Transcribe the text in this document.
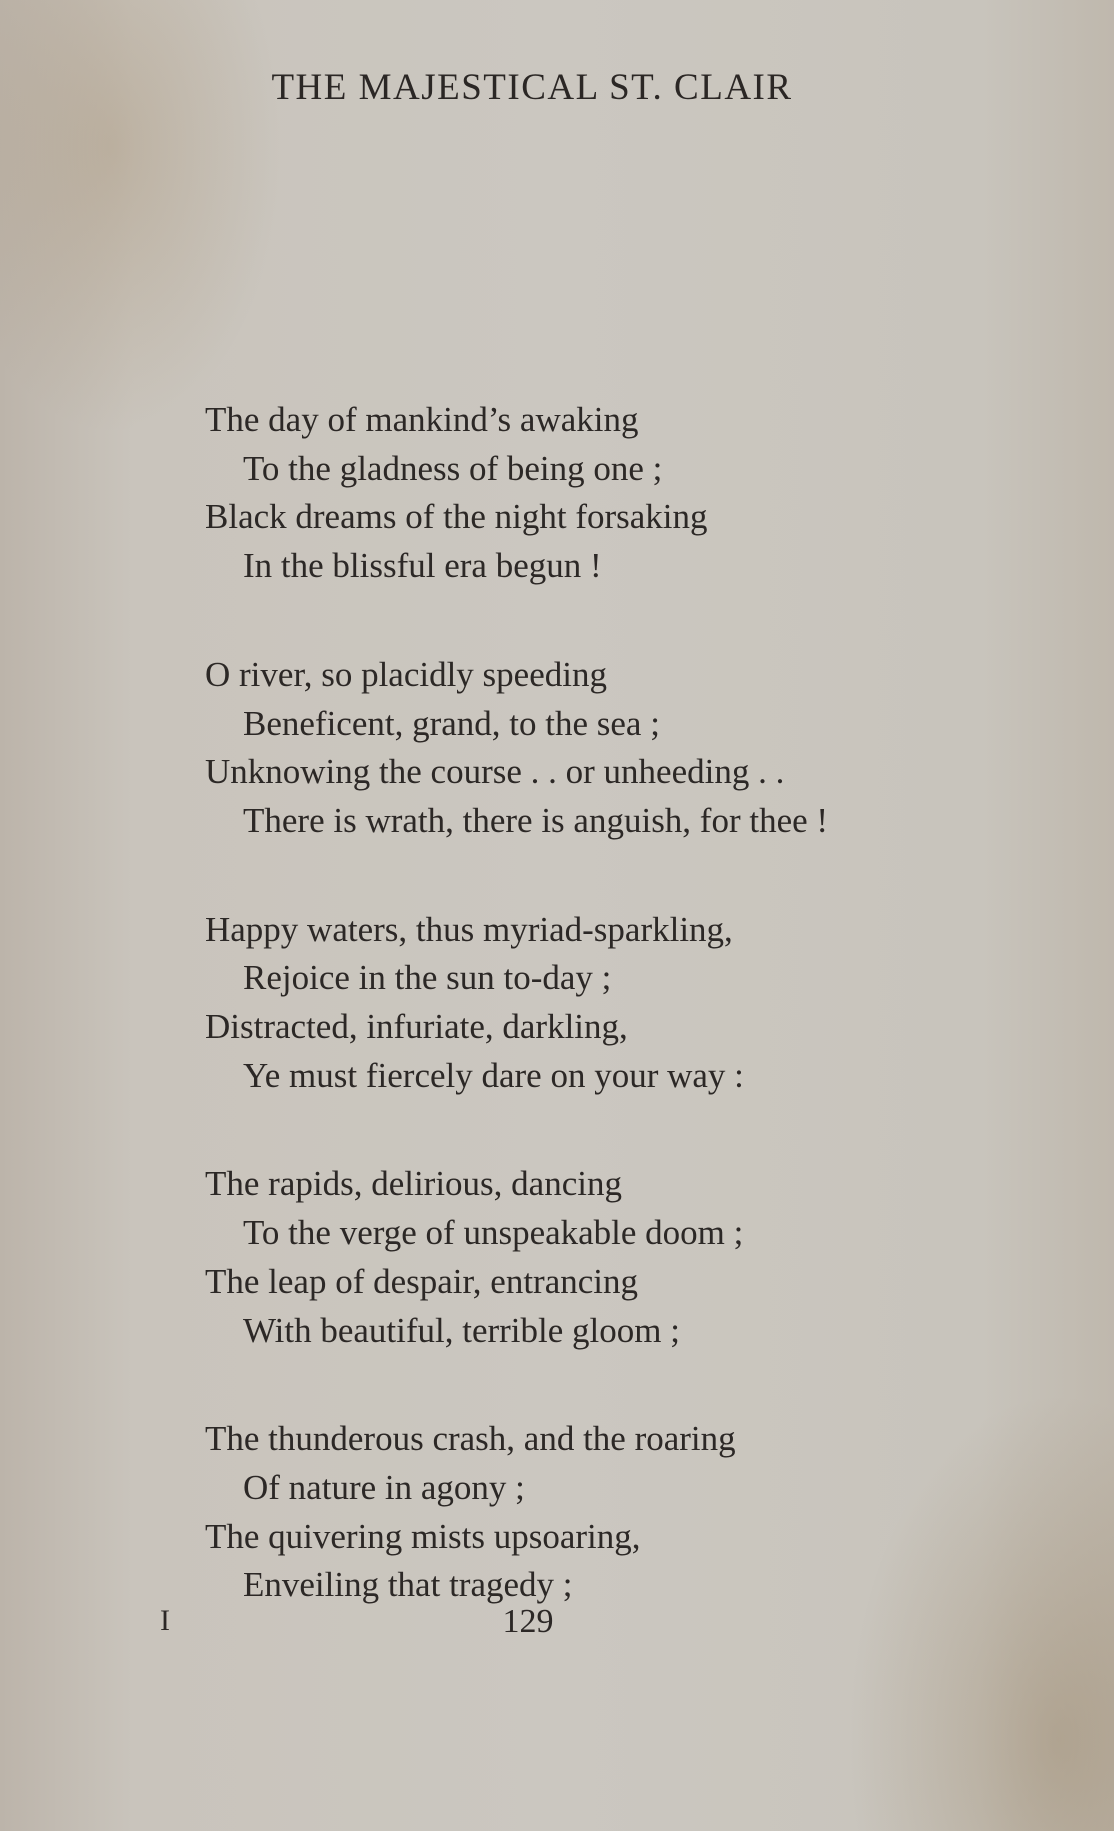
THE MAJESTICAL ST. CLAIR
The day of mankind’s awaking
To the gladness of being one ;
Black dreams of the night forsaking
In the blissful era begun !
O river, so placidly speeding
Beneficent, grand, to the sea ;
Unknowing the course . . or unheeding . .
There is wrath, there is anguish, for thee !
Happy waters, thus myriad-sparkling,
Rejoice in the sun to-day ;
Distracted, infuriate, darkling,
Ye must fiercely dare on your way :
The rapids, delirious, dancing
To the verge of unspeakable doom ;
The leap of despair, entrancing
With beautiful, terrible gloom ;
The thunderous crash, and the roaring
Of nature in agony ;
The quivering mists upsoaring,
Enveiling that tragedy ;
I	129
